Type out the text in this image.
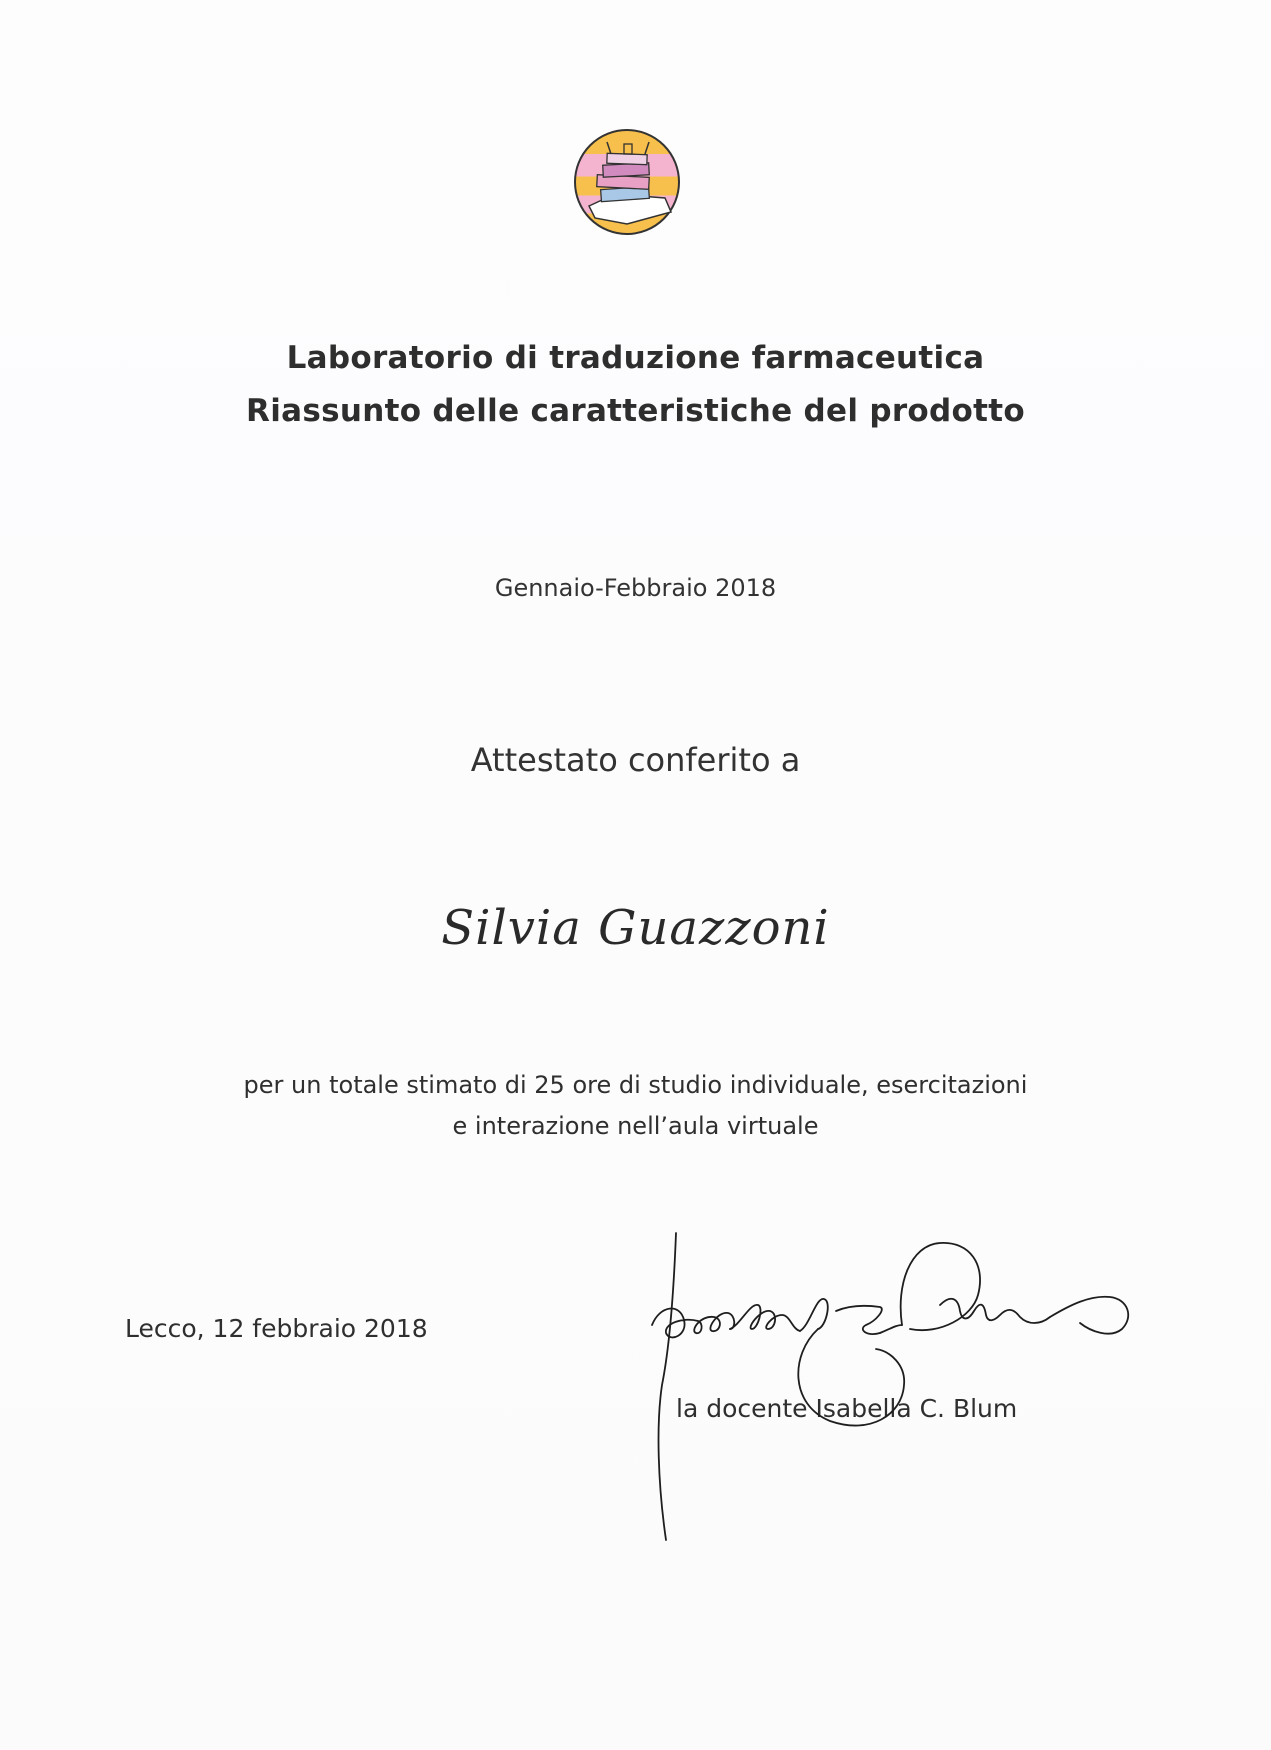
Laboratorio di traduzione farmaceutica
Riassunto delle caratteristiche del prodotto
Gennaio-Febbraio 2018
Attestato conferito a
Silvia Guazzoni
per un totale stimato di 25 ore di studio individuale, esercitazioni
e interazione nell’aula virtuale
Lecco, 12 febbraio 2018
la docente Isabella C. Blum
